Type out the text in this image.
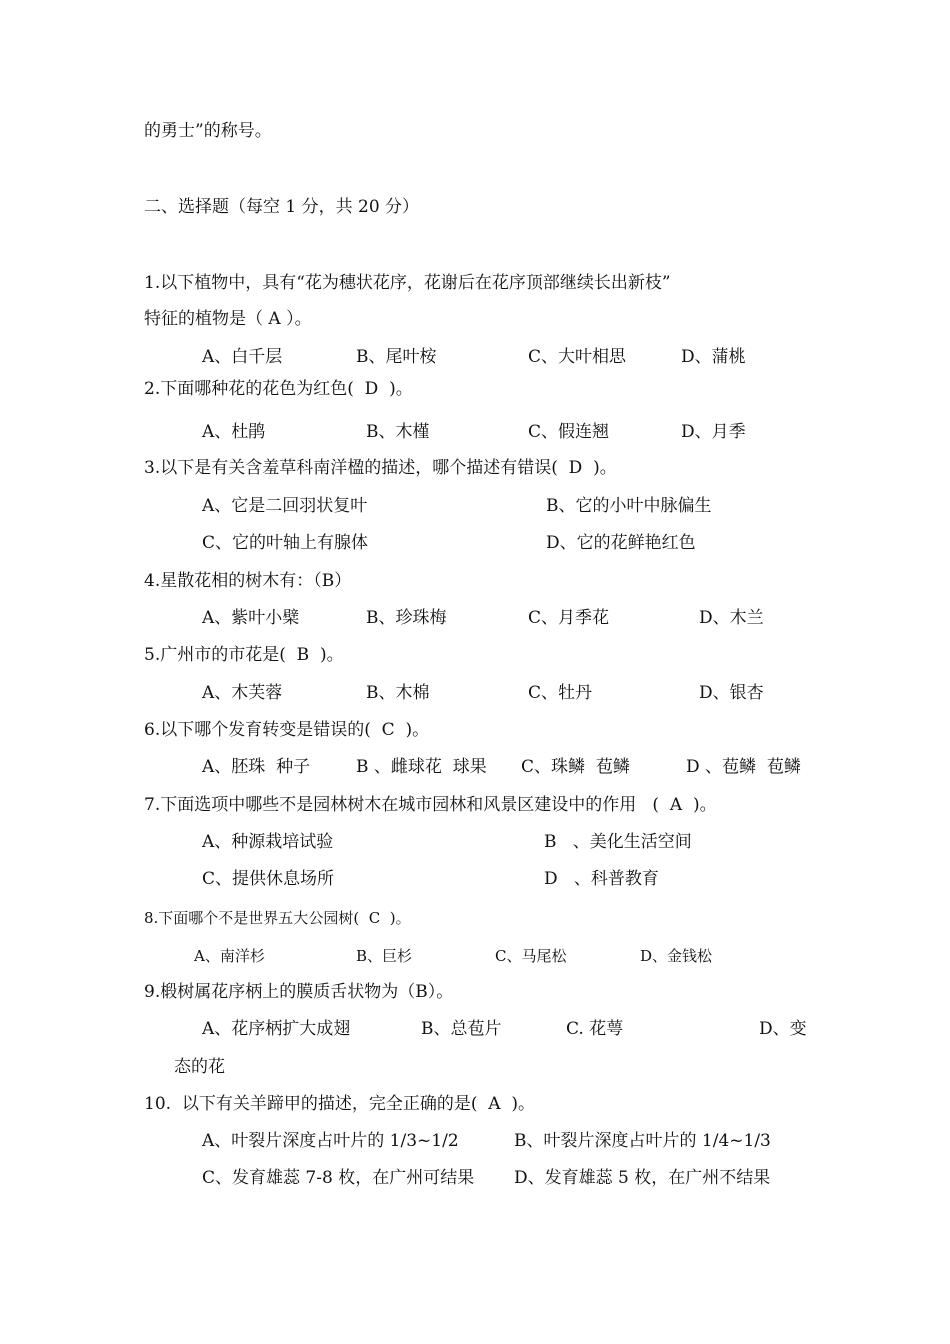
的勇士”的称号。
二、选择题（每空 1 分，共 20 分）
1.以下植物中，具有“花为穗状花序，花谢后在花序顶部继续长出新枝”
特征的植物是（ A ）。
A、白千层	B、尾叶桉	C、大叶相思	D、蒲桃
2.下面哪种花的花色为红色(  D  )。
A、杜鹃	B、木槿	C、假连翘	D、月季
3.以下是有关含羞草科南洋楹的描述，哪个描述有错误(  D  )。
A、它是二回羽状复叶	B、它的小叶中脉偏生
C、它的叶轴上有腺体	D、它的花鲜艳红色
4.星散花相的树木有：（B）
A、紫叶小檗	B、珍珠梅	C、月季花	D、木兰
5.广州市的市花是(  B  )。
A、木芙蓉	B、木棉	C、牡丹	D、银杏
6.以下哪个发育转变是错误的(  C  )。
A、胚珠  种子	B 、雌球花  球果 C、珠鳞  苞鳞	D 、苞鳞  苞鳞
7.下面选项中哪些不是园林树木在城市园林和风景区建设中的作用   (  A  )。
A、种源栽培试验	B   、美化生活空间
C、提供休息场所	D   、科普教育
8.下面哪个不是世界五大公园树(  C  )。
A、南洋杉	B、巨杉	C、马尾松	D、金钱松
9.椴树属花序柄上的膜质舌状物为（B）。
A、花序柄扩大成翅	B、总苞片	C. 花萼	D、变
态的花
10.  以下有关羊蹄甲的描述，完全正确的是(  A  )。
A、叶裂片深度占叶片的 1/3~1/2	B、叶裂片深度占叶片的 1/4~1/3
C、发育雄蕊 7-8 枚，在广州可结果 D、发育雄蕊 5 枚，在广州不结果
